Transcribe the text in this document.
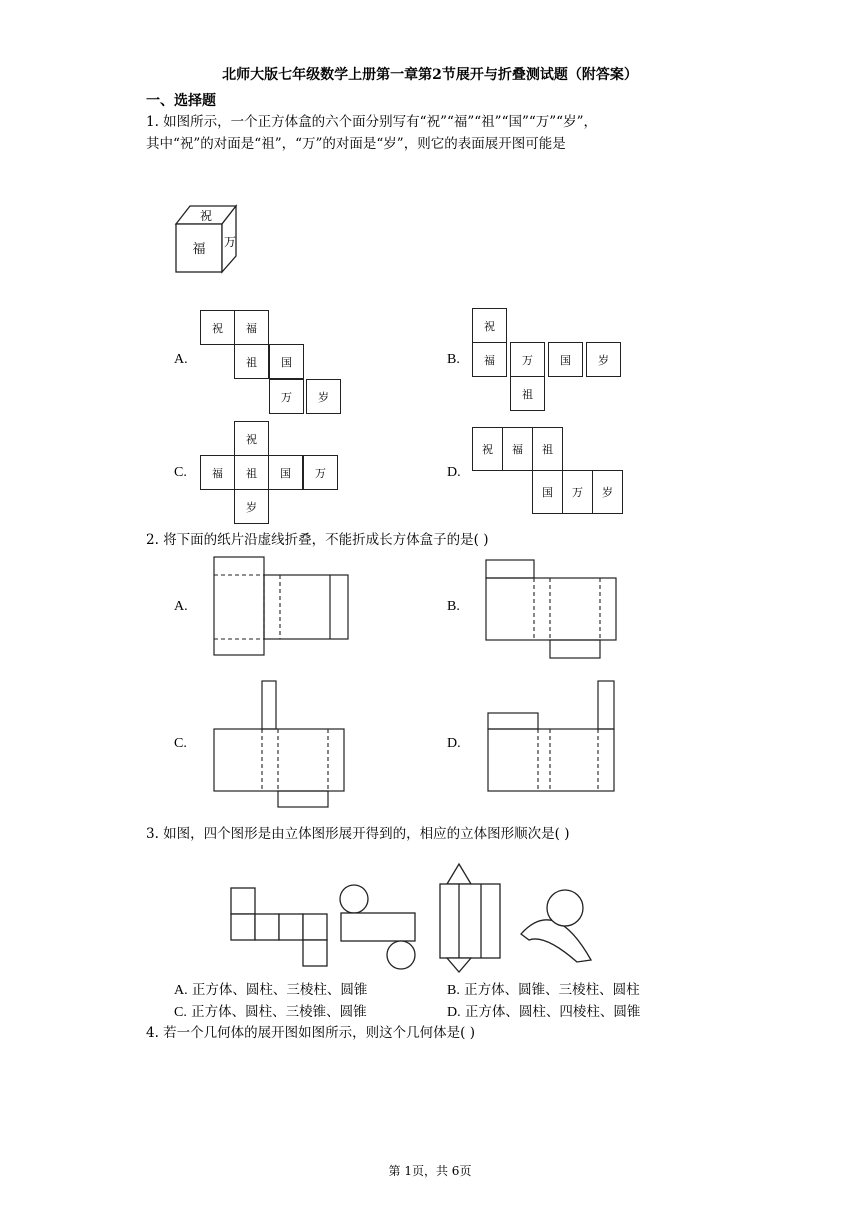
北师大版七年级数学上册第一章第2节展开与折叠测试题（附答案）
一、选择题
1. 如图所示，一个正方体盒的六个面分别写有“祝”“福”“祖”“国”“万”“岁”，
其中“祝”的对面是“祖”，“万”的对面是“岁”，则它的表面展开图可能是
祝
福 万
A.
祝	福
祖	国
万	岁
B.
祝
福	万	国	岁
祖
C.
祝
福	祖	国	万
岁
D.
祝	福	祖
国	万	岁
2. 将下面的纸片沿虚线折叠，不能折成长方体盒子的是( )
A.	B.
C.	D.
3. 如图，四个图形是由立体图形展开得到的，相应的立体图形顺次是( )
A. 正方体、圆柱、三棱柱、圆锥	B. 正方体、圆锥、三棱柱、圆柱
C. 正方体、圆柱、三棱锥、圆锥	D. 正方体、圆柱、四棱柱、圆锥
4. 若一个几何体的展开图如图所示，则这个几何体是( )
第 1页，共 6页
